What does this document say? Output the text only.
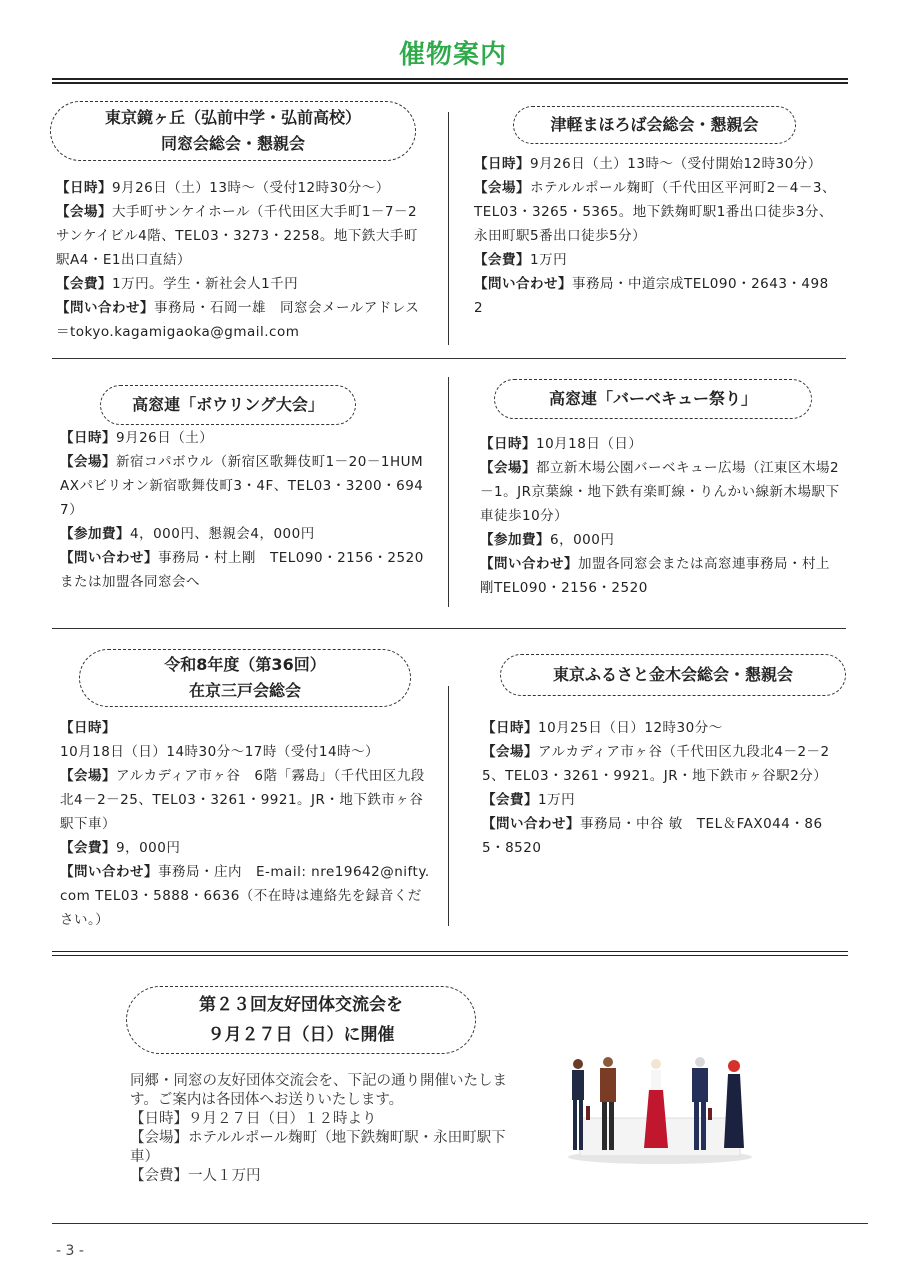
催物案内
東京鏡ヶ丘（弘前中学・弘前高校）
同窓会総会・懇親会

【日時】9月26日（土）13時～（受付12時30分～）

【会場】大手町サンケイホール（千代田区大手町1－7－2サンケイビル4階、TEL03・3273・2258。地下鉄大手町駅A4・E1出口直結）

【会費】1万円。学生・新社会人1千円

【問い合わせ】事務局・石岡一雄　同窓会メールアドレス＝tokyo.kagamigaoka@gmail.com

津軽まほろば会総会・懇親会

【日時】9月26日（土）13時～（受付開始12時30分）

【会場】ホテルルポール麹町（千代田区平河町2－4－3、TEL03・3265・5365。地下鉄麹町駅1番出口徒歩3分、永田町駅5番出口徒歩5分）

【会費】1万円

【問い合わせ】事務局・中道宗成TEL090・2643・4982

高窓連「ボウリング大会」

【日時】9月26日（土）

【会場】新宿コパボウル（新宿区歌舞伎町1－20－1HUMAXパビリオン新宿歌舞伎町3・4F、TEL03・3200・6947）

【参加費】4，000円、懇親会4，000円

【問い合わせ】事務局・村上剛　TEL090・2156・2520または加盟各同窓会へ

高窓連「バーベキュー祭り」

【日時】10月18日（日）

【会場】都立新木場公園バーベキュー広場（江東区木場2－1。JR京葉線・地下鉄有楽町線・りんかい線新木場駅下車徒歩10分）

【参加費】6，000円

【問い合わせ】加盟各同窓会または高窓連事務局・村上剛TEL090・2156・2520

令和8年度（第36回）
在京三戸会総会

【日時】10月18日（日）14時30分～17時（受付14時～）

【会場】アルカディア市ヶ谷　6階「霧島」（千代田区九段北4－2－25、TEL03・3261・9921。JR・地下鉄市ヶ谷駅下車）

【会費】9，000円

【問い合わせ】事務局・庄内　E-mail: nre19642@nifty.com TEL03・5888・6636（不在時は連絡先を録音ください。）

東京ふるさと金木会総会・懇親会

【日時】10月25日（日）12時30分～

【会場】アルカディア市ヶ谷（千代田区九段北4－2－25、TEL03・3261・9921。JR・地下鉄市ヶ谷駅2分）

【会費】1万円

【問い合わせ】事務局・中谷 敏　TEL＆FAX044・865・8520

第２３回友好団体交流会を
９月２７日（日）に開催

同郷・同窓の友好団体交流会を、下記の通り開催いたします。ご案内は各団体へお送りいたします。

【日時】９月２７日（日）１２時より

【会場】ホテルルポール麹町（地下鉄麹町駅・永田町駅下車）

【会費】一人１万円

- 3 -
